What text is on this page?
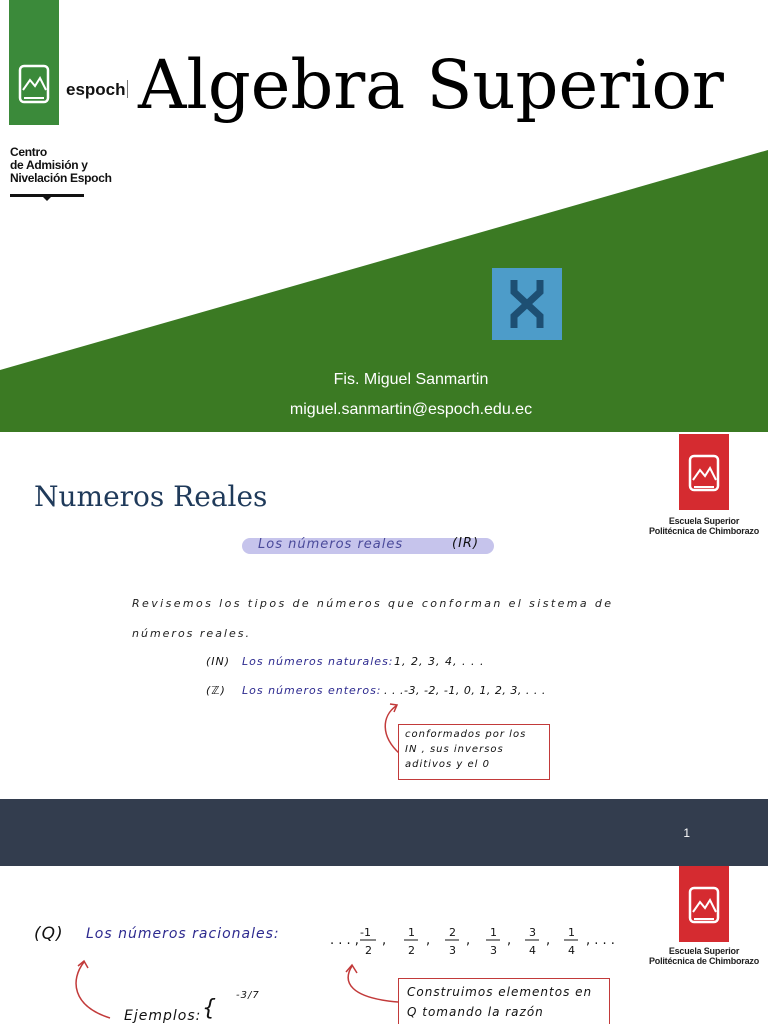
espoch Algebra Superior
Centro
de Admisión y
Nivelación Espoch
Fis. Miguel Sanmartin
miguel.sanmartin@espoch.edu.ec
Escuela Superior
Politécnica de Chimborazo
Numeros Reales
Los números reales	(IR)
Revisemos los tipos de números que conforman el sistema de
números reales.
(IN) Los números naturales: 1, 2, 3, 4, . . .
(ℤ) Los números enteros: . . .-3, -2, -1, 0, 1, 2, 3, . . .
conformados por los
IN , sus inversos
aditivos y el 0
1
Escuela Superior
Politécnica de Chimborazo
(Q) Los números racionales:	. . . ,
-1
2
,
1
2
,
2
3
,
1
3
,
3
4
,
1
4
, . . .
Ejemplos: {
-3/7	Construimos elementos en
Q tomando la razón
